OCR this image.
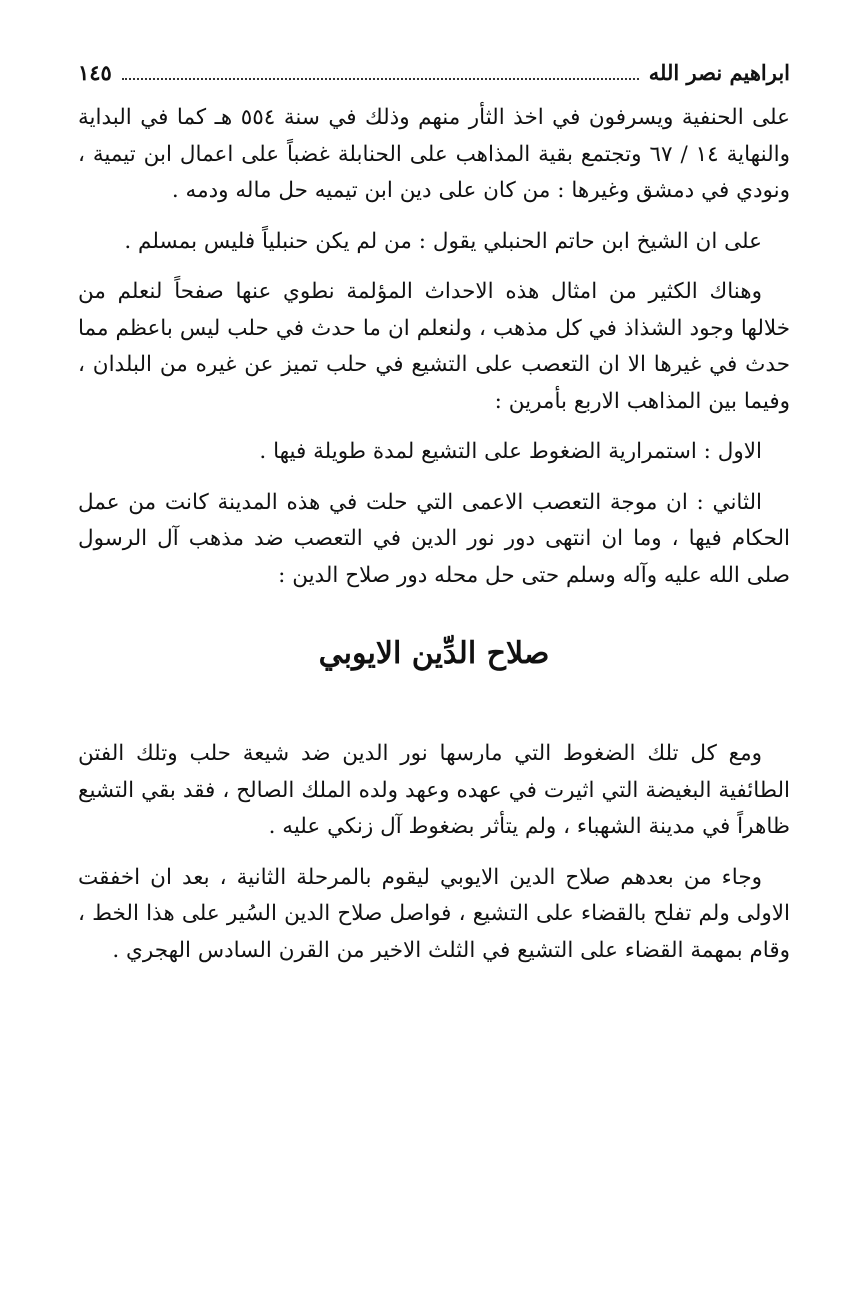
ابراهيم نصر الله
١٤٥

على الحنفية ويسرفون في اخذ الثأر منهم وذلك في سنة ٥٥٤ هـ كما في البداية والنهاية ١٤ / ٦٧ وتجتمع بقية المذاهب على الحنابلة غضباً على اعمال ابن تيمية ، ونودي في دمشق وغيرها : من كان على دين ابن تيميه حل ماله ودمه .

على ان الشيخ ابن حاتم الحنبلي يقول : من لم يكن حنبلياً فليس بمسلم .

وهناك الكثير من امثال هذه الاحداث المؤلمة نطوي عنها صفحاً لنعلم من خلالها وجود الشذاذ في كل مذهب ، ولنعلم ان ما حدث في حلب ليس باعظم مما حدث في غيرها الا ان التعصب على التشيع في حلب تميز عن غيره من البلدان ، وفيما بين المذاهب الاربع بأمرين :

الاول : استمرارية الضغوط على التشيع لمدة طويلة فيها .

الثاني : ان موجة التعصب الاعمى التي حلت في هذه المدينة كانت من عمل الحكام فيها ، وما ان انتهى دور نور الدين في التعصب ضد مذهب آل الرسول صلى الله عليه وآله وسلم حتى حل محله دور صلاح الدين :

صلاح الدِّين الايوبي

ومع كل تلك الضغوط التي مارسها نور الدين ضد شيعة حلب وتلك الفتن الطائفية البغيضة التي اثيرت في عهده وعهد ولده الملك الصالح ، فقد بقي التشيع ظاهراً في مدينة الشهباء ، ولم يتأثر بضغوط آل زنكي عليه .

وجاء من بعدهم صلاح الدين الايوبي ليقوم بالمرحلة الثانية ، بعد ان اخفقت الاولى ولم تفلح بالقضاء على التشيع ، فواصل صلاح الدين السُير على هذا الخط ، وقام بمهمة القضاء على التشيع في الثلث الاخير من القرن السادس الهجري .
